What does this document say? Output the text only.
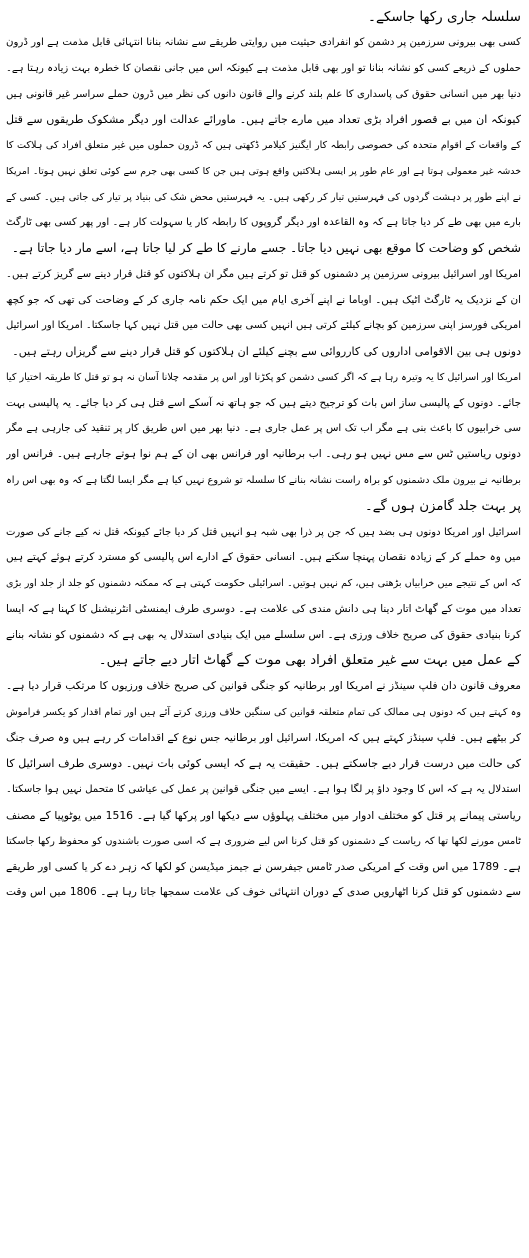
سلسلہ جاری رکھا جاسکے۔
کسی بھی بیرونی سرزمین پر دشمن کو انفرادی حیثیت میں روایتی طریقے سے نشانہ بنانا انتہائی قابل مذمت ہے اور ڈرون
حملوں کے ذریعے کسی کو نشانہ بنانا تو اور بھی قابل مذمت ہے کیونکہ اس میں جانی نقصان کا خطرہ بہت زیادہ رہتا ہے۔
دنیا بھر میں انسانی حقوق کی پاسداری کا علم بلند کرنے والے قانون دانوں کی نظر میں ڈرون حملے سراسر غیر قانونی ہیں
کیونکہ ان میں بے قصور افراد بڑی تعداد میں مارے جاتے ہیں۔ ماورائے عدالت اور دیگر مشکوک طریقوں سے قتل
کے واقعات کے اقوام متحدہ کی خصوصی رابطہ کار ایگنیز کیلامر ڈکھتی ہیں کہ ڈرون حملوں میں غیر متعلق افراد کی ہلاکت کا
خدشہ غیر معمولی ہوتا ہے اور عام طور پر ایسی ہلاکتیں واقع ہوتی ہیں جن کا کسی بھی جرم سے کوئی تعلق نہیں ہوتا۔ امریکا
نے اپنے طور پر دہشت گردوں کی فہرستیں تیار کر رکھی ہیں۔ یہ فہرستیں محض شک کی بنیاد پر تیار کی جاتی ہیں۔ کسی کے
بارے میں بھی طے کر دیا جاتا ہے کہ وہ القاعدہ اور دیگر گروپوں کا رابطہ کار یا سہولت کار ہے۔ اور پھر کسی بھی ٹارگٹ
شخص کو وضاحت کا موقع بھی نہیں دیا جاتا۔ جسے مارنے کا طے کر لیا جاتا ہے، اسے مار دیا جاتا ہے۔
امریکا اور اسرائیل بیرونی سرزمین پر دشمنوں کو قتل تو کرتے ہیں مگر ان ہلاکتوں کو قتل قرار دینے سے گریز کرتے ہیں۔
ان کے نزدیک یہ ٹارگٹ اٹیک ہیں۔ اوباما نے اپنے آخری ایام میں ایک حکم نامہ جاری کر کے وضاحت کی تھی کہ جو کچھ
امریکی فورسز اپنی سرزمین کو بچانے کیلئے کرتی ہیں انہیں کسی بھی حالت میں قتل نہیں کہا جاسکتا۔ امریکا اور اسرائیل
دونوں ہی بین الاقوامی اداروں کی کارروائی سے بچنے کیلئے ان ہلاکتوں کو قتل قرار دینے سے گریزاں رہتے ہیں۔
امریکا اور اسرائیل کا یہ وتیرہ رہا ہے کہ اگر کسی دشمن کو پکڑنا اور اس پر مقدمہ چلانا آسان نہ ہو تو قتل کا طریقہ اختیار کیا
جائے۔ دونوں کے پالیسی ساز اس بات کو ترجیح دیتے ہیں کہ جو ہاتھ نہ آسکے اسے قتل ہی کر دیا جائے۔ یہ پالیسی بہت
سی خرابیوں کا باعث بنی ہے مگر اب تک اس پر عمل جاری ہے۔ دنیا بھر میں اس طریق کار پر تنقید کی جارہی ہے مگر
دونوں ریاستیں ٹس سے مس نہیں ہو رہی۔ اب برطانیہ اور فرانس بھی ان کے ہم نوا ہوتے جارہے ہیں۔ فرانس اور
برطانیہ نے بیرون ملک دشمنوں کو براہ راست نشانہ بنانے کا سلسلہ تو شروع نہیں کیا ہے مگر ایسا لگتا ہے کہ وہ بھی اس راہ
پر بہت جلد گامزن ہوں گے۔
اسرائیل اور امریکا دونوں ہی بضد ہیں کہ جن پر ذرا بھی شبہ ہو انہیں قتل کر دیا جائے کیونکہ قتل نہ کیے جانے کی صورت
میں وہ حملے کر کے زیادہ نقصان پہنچا سکتے ہیں۔ انسانی حقوق کے ادارے اس پالیسی کو مسترد کرتے ہوئے کہتے ہیں
کہ اس کے نتیجے میں خرابیاں بڑھتی ہیں، کم نہیں ہوتیں۔ اسرائیلی حکومت کہتی ہے کہ ممکنہ دشمنوں کو جلد از جلد اور بڑی
تعداد میں موت کے گھاٹ اتار دینا ہی دانش مندی کی علامت ہے۔ دوسری طرف ایمنسٹی انٹرنیشنل کا کہنا ہے کہ ایسا
کرنا بنیادی حقوق کی صریح خلاف ورزی ہے۔ اس سلسلے میں ایک بنیادی استدلال یہ بھی ہے کہ دشمنوں کو نشانہ بنانے
کے عمل میں بہت سے غیر متعلق افراد بھی موت کے گھاٹ اتار دیے جاتے ہیں۔
معروف قانون دان فلپ سینڈز نے امریکا اور برطانیہ کو جنگی قوانین کی صریح خلاف ورزیوں کا مرتکب قرار دیا ہے۔
وہ کہتے ہیں کہ دونوں ہی ممالک کی تمام متعلقہ قوانین کی سنگین خلاف ورزی کرتے آئے ہیں اور تمام اقدار کو یکسر فراموش
کر بیٹھے ہیں۔ فلپ سینڈز کہتے ہیں کہ امریکا، اسرائیل اور برطانیہ جس نوع کے اقدامات کر رہے ہیں وہ صرف جنگ
کی حالت میں درست قرار دیے جاسکتے ہیں۔ حقیقت یہ ہے کہ ایسی کوئی بات نہیں۔ دوسری طرف اسرائیل کا
استدلال یہ ہے کہ اس کا وجود داؤ پر لگا ہوا ہے۔ ایسے میں جنگی قوانین پر عمل کی عیاشی کا متحمل نہیں ہوا جاسکتا۔
ریاستی پیمانے پر قتل کو مختلف ادوار میں مختلف پہلوؤں سے دیکھا اور پرکھا گیا ہے۔ 1516 میں یوٹوپیا کے مصنف
ٹامس مورنے لکھا تھا کہ ریاست کے دشمنوں کو قتل کرنا اس لیے ضروری ہے کہ اسی صورت باشندوں کو محفوظ رکھا جاسکتا
ہے۔ 1789 میں اس وقت کے امریکی صدر ٹامس جیفرسن نے جیمز میڈیسن کو لکھا کہ زہر دے کر یا کسی اور طریقے
سے دشمنوں کو قتل کرنا اٹھارویں صدی کے دوران انتہائی خوف کی علامت سمجھا جاتا رہا ہے۔ 1806 میں اس وقت
